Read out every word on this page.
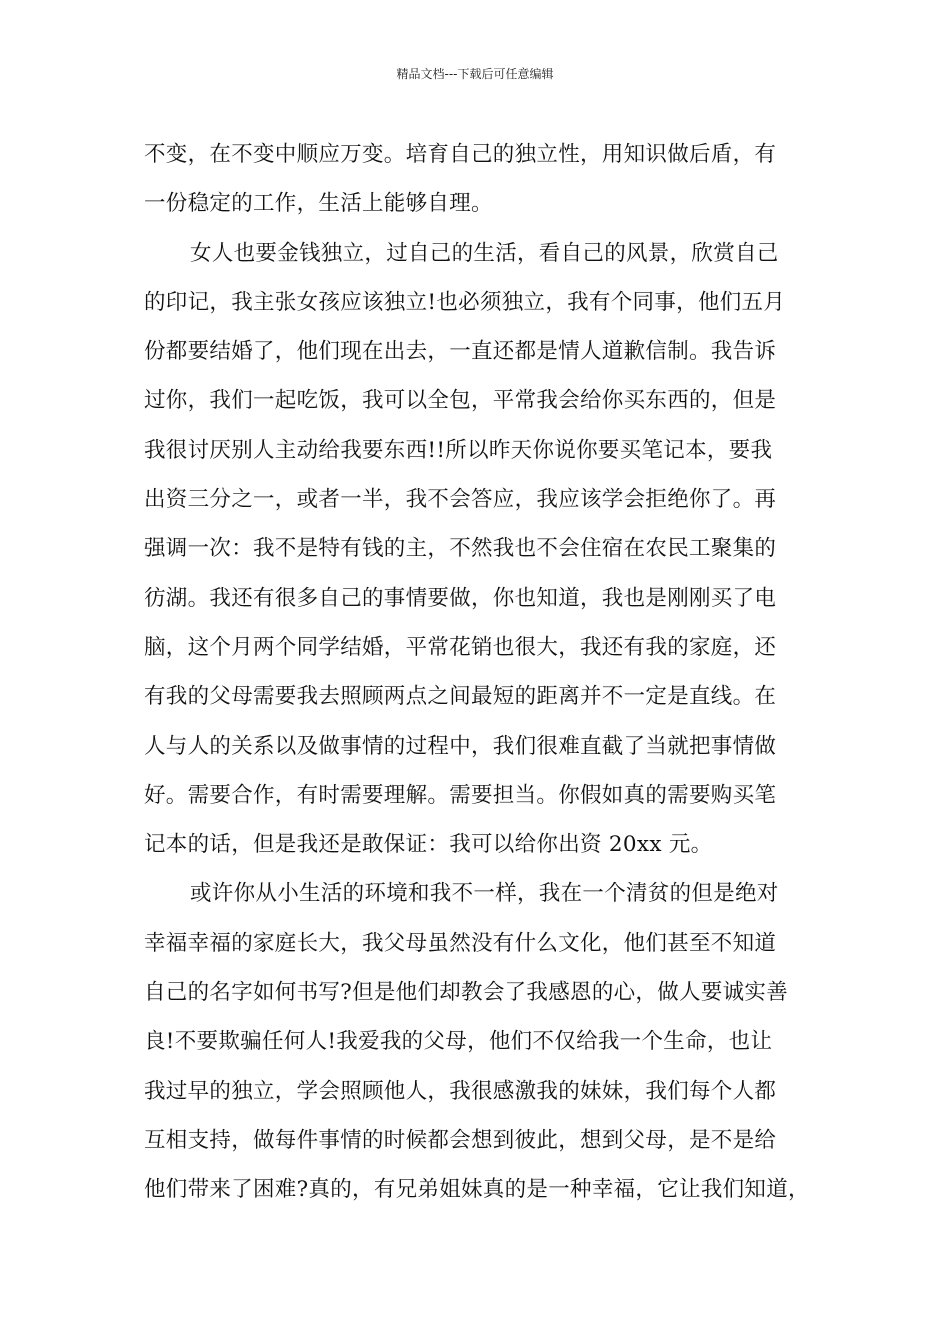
精品文档---下载后可任意编辑
不变，在不变中顺应万变。培育自己的独立性，用知识做后盾，有
一份稳定的工作，生活上能够自理。
女人也要金钱独立，过自己的生活，看自己的风景，欣赏自己
的印记，我主张女孩应该独立!也必须独立，我有个同事，他们五月
份都要结婚了，他们现在出去，一直还都是情人道歉信制。我告诉
过你，我们一起吃饭，我可以全包，平常我会给你买东西的，但是
我很讨厌别人主动给我要东西!!所以昨天你说你要买笔记本，要我
出资三分之一，或者一半，我不会答应，我应该学会拒绝你了。再
强调一次：我不是特有钱的主，不然我也不会住宿在农民工聚集的
彷湖。我还有很多自己的事情要做，你也知道，我也是刚刚买了电
脑，这个月两个同学结婚，平常花销也很大，我还有我的家庭，还
有我的父母需要我去照顾两点之间最短的距离并不一定是直线。在
人与人的关系以及做事情的过程中，我们很难直截了当就把事情做
好。需要合作，有时需要理解。需要担当。你假如真的需要购买笔
记本的话，但是我还是敢保证：我可以给你出资 20xx 元。
或许你从小生活的环境和我不一样，我在一个清贫的但是绝对
幸福幸福的家庭长大，我父母虽然没有什么文化，他们甚至不知道
自己的名字如何书写?但是他们却教会了我感恩的心，做人要诚实善
良!不要欺骗任何人!我爱我的父母，他们不仅给我一个生命，也让
我过早的独立，学会照顾他人，我很感激我的妹妹，我们每个人都
互相支持，做每件事情的时候都会想到彼此，想到父母，是不是给
他们带来了困难?真的，有兄弟姐妹真的是一种幸福，它让我们知道，
